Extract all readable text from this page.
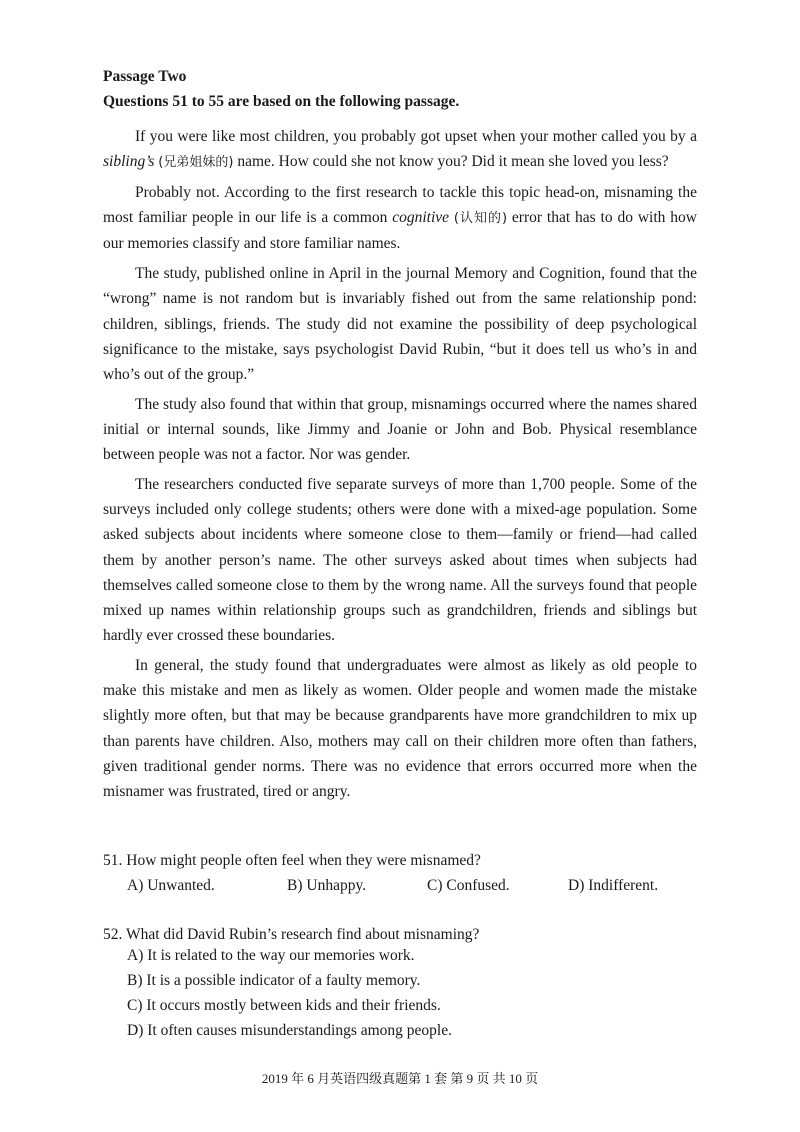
Passage Two
Questions 51 to 55 are based on the following passage.

If you were like most children, you probably got upset when your mother called you by a sibling’s (兄弟姐妹的) name. How could she not know you? Did it mean she loved you less?

Probably not. According to the first research to tackle this topic head-on, misnaming the most familiar people in our life is a common cognitive (认知的) error that has to do with how our memories classify and store familiar names.

The study, published online in April in the journal Memory and Cognition, found that the “wrong” name is not random but is invariably fished out from the same relationship pond: children, siblings, friends. The study did not examine the possibility of deep psychological significance to the mistake, says psychologist David Rubin, “but it does tell us who’s in and who’s out of the group.”

The study also found that within that group, misnamings occurred where the names shared initial or internal sounds, like Jimmy and Joanie or John and Bob. Physical resemblance between people was not a factor. Nor was gender.

The researchers conducted five separate surveys of more than 1,700 people. Some of the surveys included only college students; others were done with a mixed-age population. Some asked subjects about incidents where someone close to them—family or friend—had called them by another person’s name. The other surveys asked about times when subjects had themselves called someone close to them by the wrong name. All the surveys found that people mixed up names within relationship groups such as grandchildren, friends and siblings but hardly ever crossed these boundaries.

In general, the study found that undergraduates were almost as likely as old people to make this mistake and men as likely as women. Older people and women made the mistake slightly more often, but that may be because grandparents have more grandchildren to mix up than parents have children. Also, mothers may call on their children more often than fathers, given traditional gender norms. There was no evidence that errors occurred more when the misnamer was frustrated, tired or angry.

51. How might people often feel when they were misnamed?
A) Unwanted.	B) Unhappy.	C) Confused.	D) Indifferent.
52. What did David Rubin’s research find about misnaming?
A) It is related to the way our memories work.
B) It is a possible indicator of a faulty memory.
C) It occurs mostly between kids and their friends.
D) It often causes misunderstandings among people.
2019 年 6 月英语四级真题第 1 套 第 9 页 共 10 页
